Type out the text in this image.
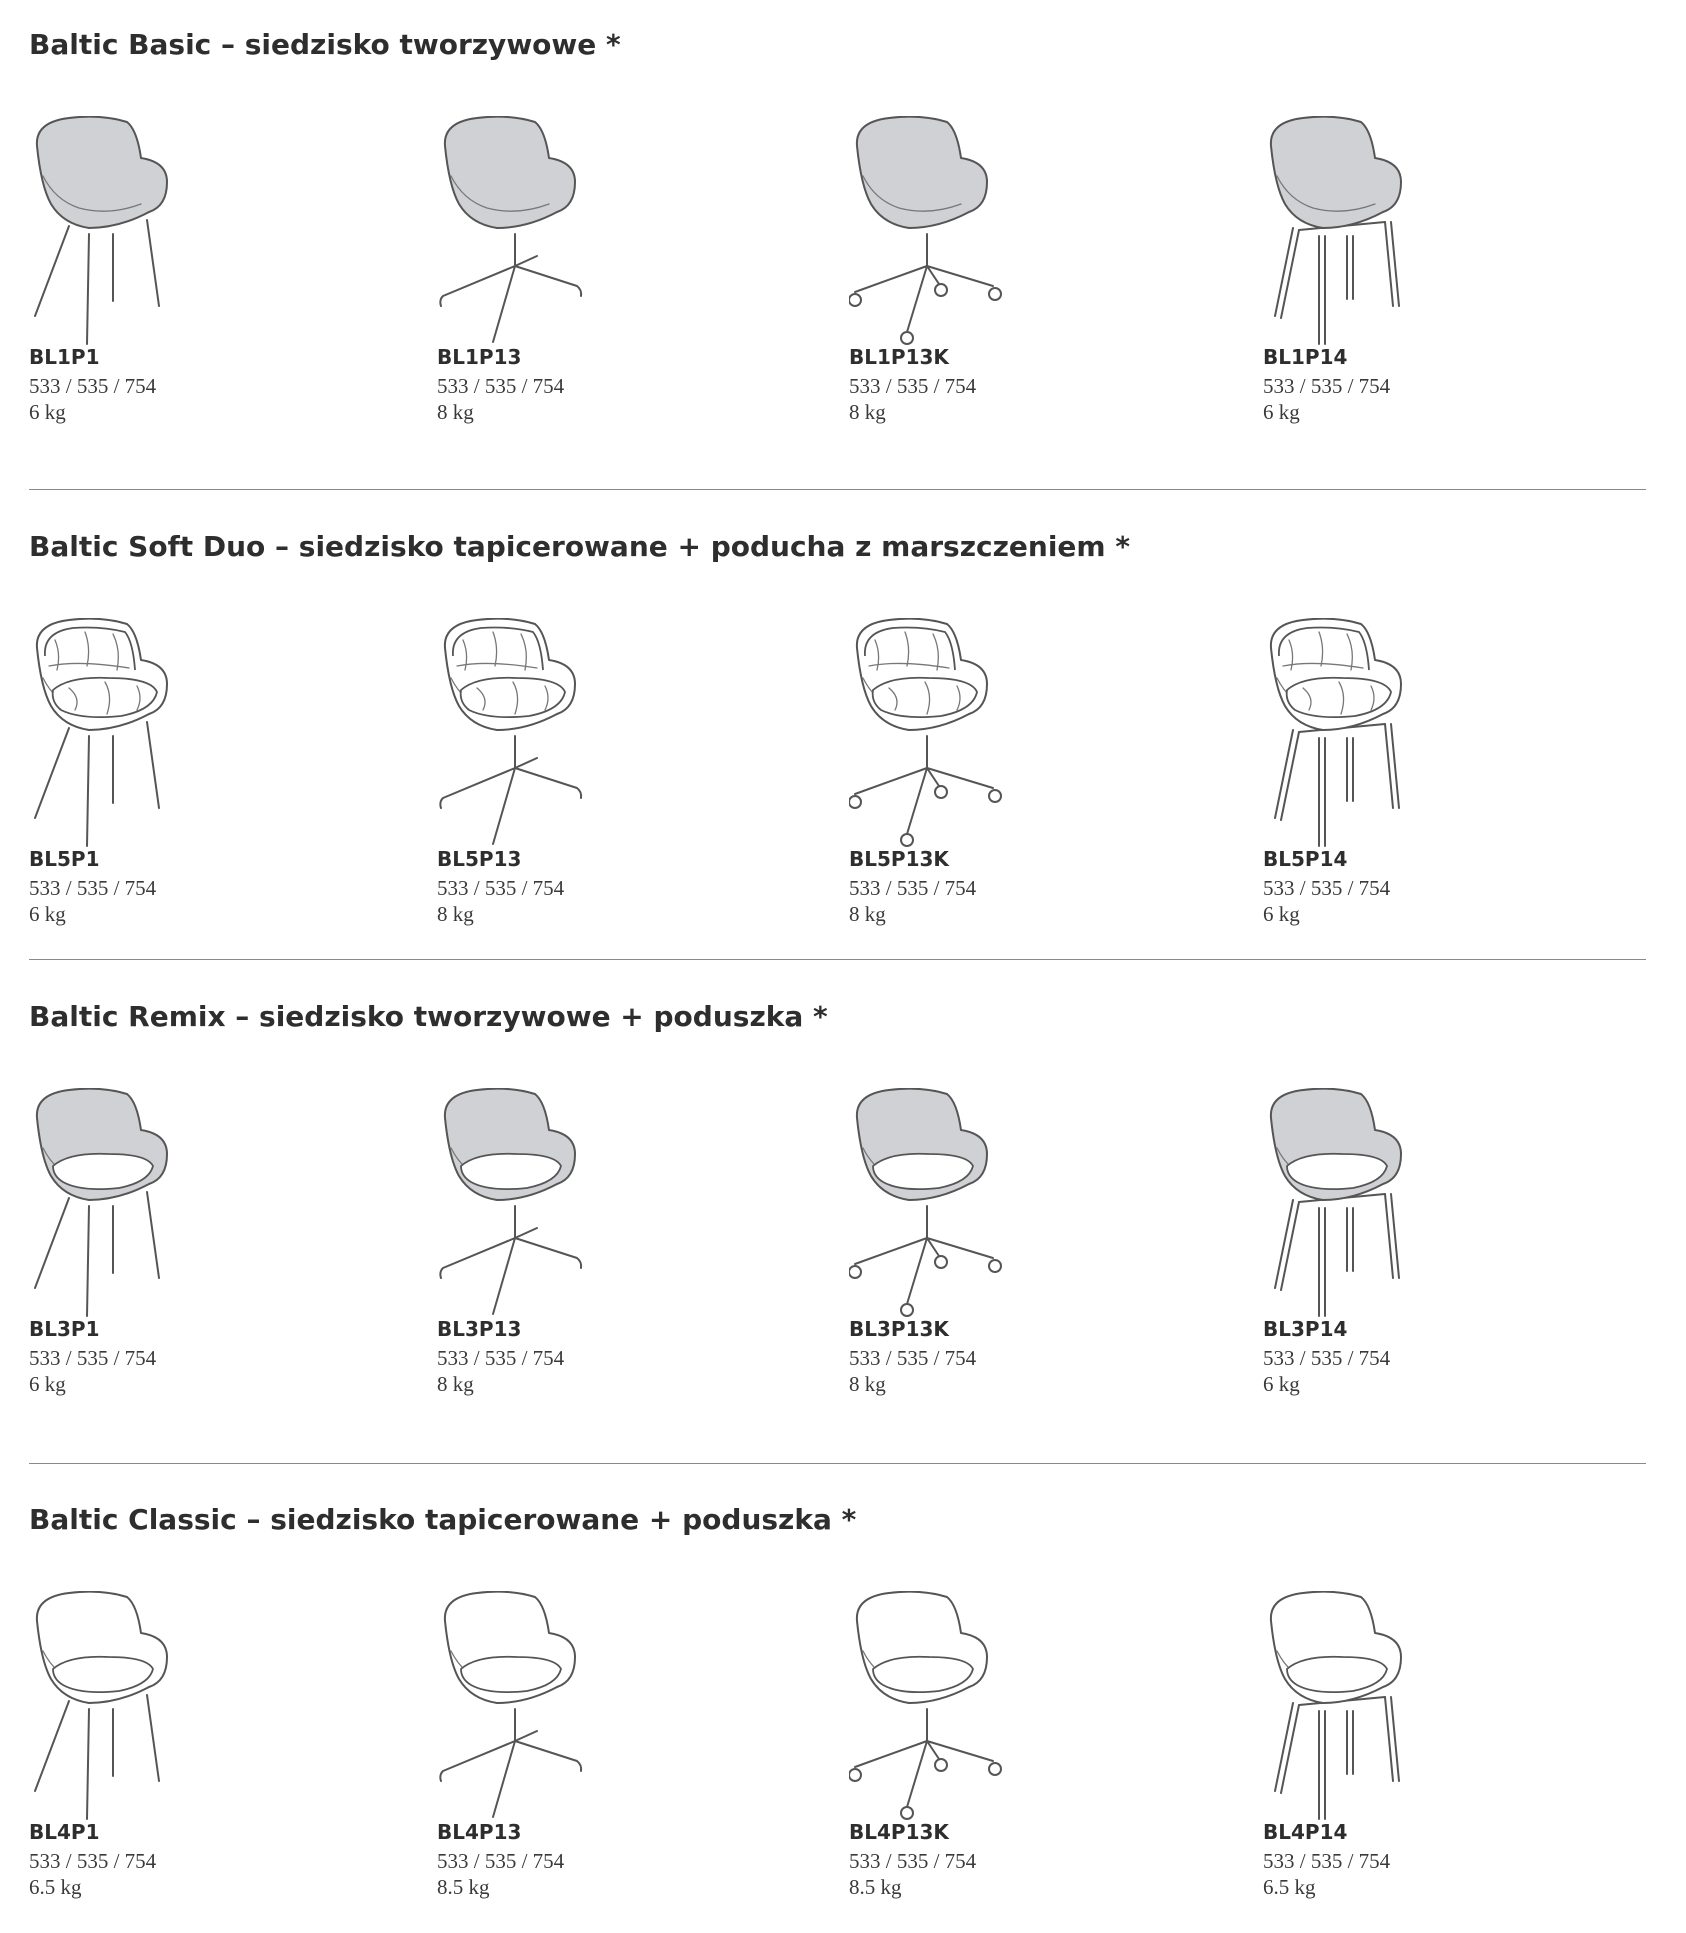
Baltic Basic – siedzisko tworzywowe *

BL1P1

533 / 535 / 754

6 kg

BL1P13

533 / 535 / 754

8 kg

BL1P13K

533 / 535 / 754

8 kg

BL1P14

533 / 535 / 754

6 kg

Baltic Soft Duo – siedzisko tapicerowane + poducha z marszczeniem *

BL5P1

533 / 535 / 754

6 kg

BL5P13

533 / 535 / 754

8 kg

BL5P13K

533 / 535 / 754

8 kg

BL5P14

533 / 535 / 754

6 kg

Baltic Remix – siedzisko tworzywowe + poduszka *

BL3P1

533 / 535 / 754

6 kg

BL3P13

533 / 535 / 754

8 kg

BL3P13K

533 / 535 / 754

8 kg

BL3P14

533 / 535 / 754

6 kg

Baltic Classic – siedzisko tapicerowane + poduszka *

BL4P1

533 / 535 / 754

6.5 kg

BL4P13

533 / 535 / 754

8.5 kg

BL4P13K

533 / 535 / 754

8.5 kg

BL4P14

533 / 535 / 754

6.5 kg
